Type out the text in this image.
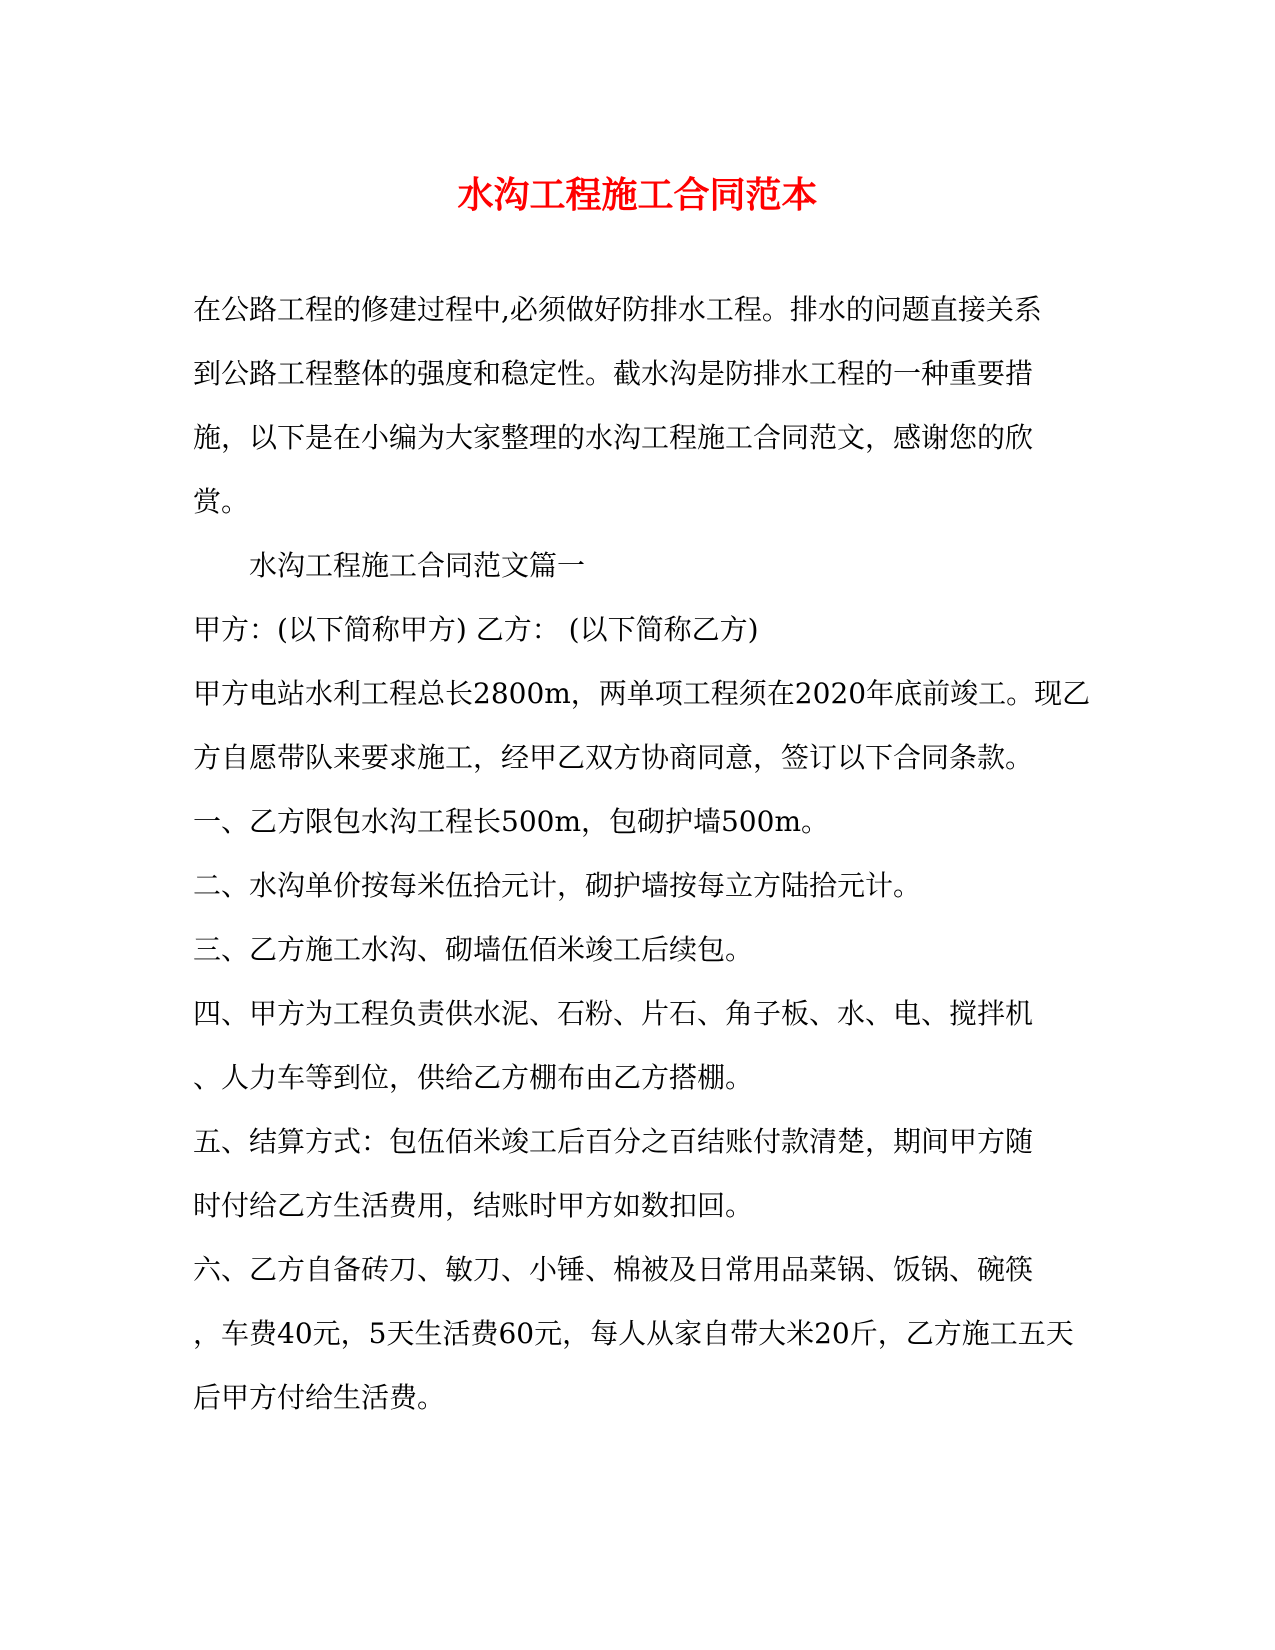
水沟工程施工合同范本

在公路工程的修建过程中,必须做好防排水工程。排水的问题直接关系

到公路工程整体的强度和稳定性。截水沟是防排水工程的一种重要措

施，以下是在小编为大家整理的水沟工程施工合同范文，感谢您的欣

赏。

水沟工程施工合同范文篇一

甲方：(以下简称甲方) 乙方： (以下简称乙方)

甲方电站水利工程总长2800m，两单项工程须在2020年底前竣工。现乙

方自愿带队来要求施工，经甲乙双方协商同意，签订以下合同条款。

一、乙方限包水沟工程长500m，包砌护墙500m。

二、水沟单价按每米伍拾元计，砌护墙按每立方陆拾元计。

三、乙方施工水沟、砌墙伍佰米竣工后续包。

四、甲方为工程负责供水泥、石粉、片石、角子板、水、电、搅拌机

、人力车等到位，供给乙方棚布由乙方搭棚。

五、结算方式：包伍佰米竣工后百分之百结账付款清楚，期间甲方随

时付给乙方生活费用，结账时甲方如数扣回。

六、乙方自备砖刀、敏刀、小锤、棉被及日常用品菜锅、饭锅、碗筷

，车费40元，5天生活费60元，每人从家自带大米20斤，乙方施工五天

后甲方付给生活费。
